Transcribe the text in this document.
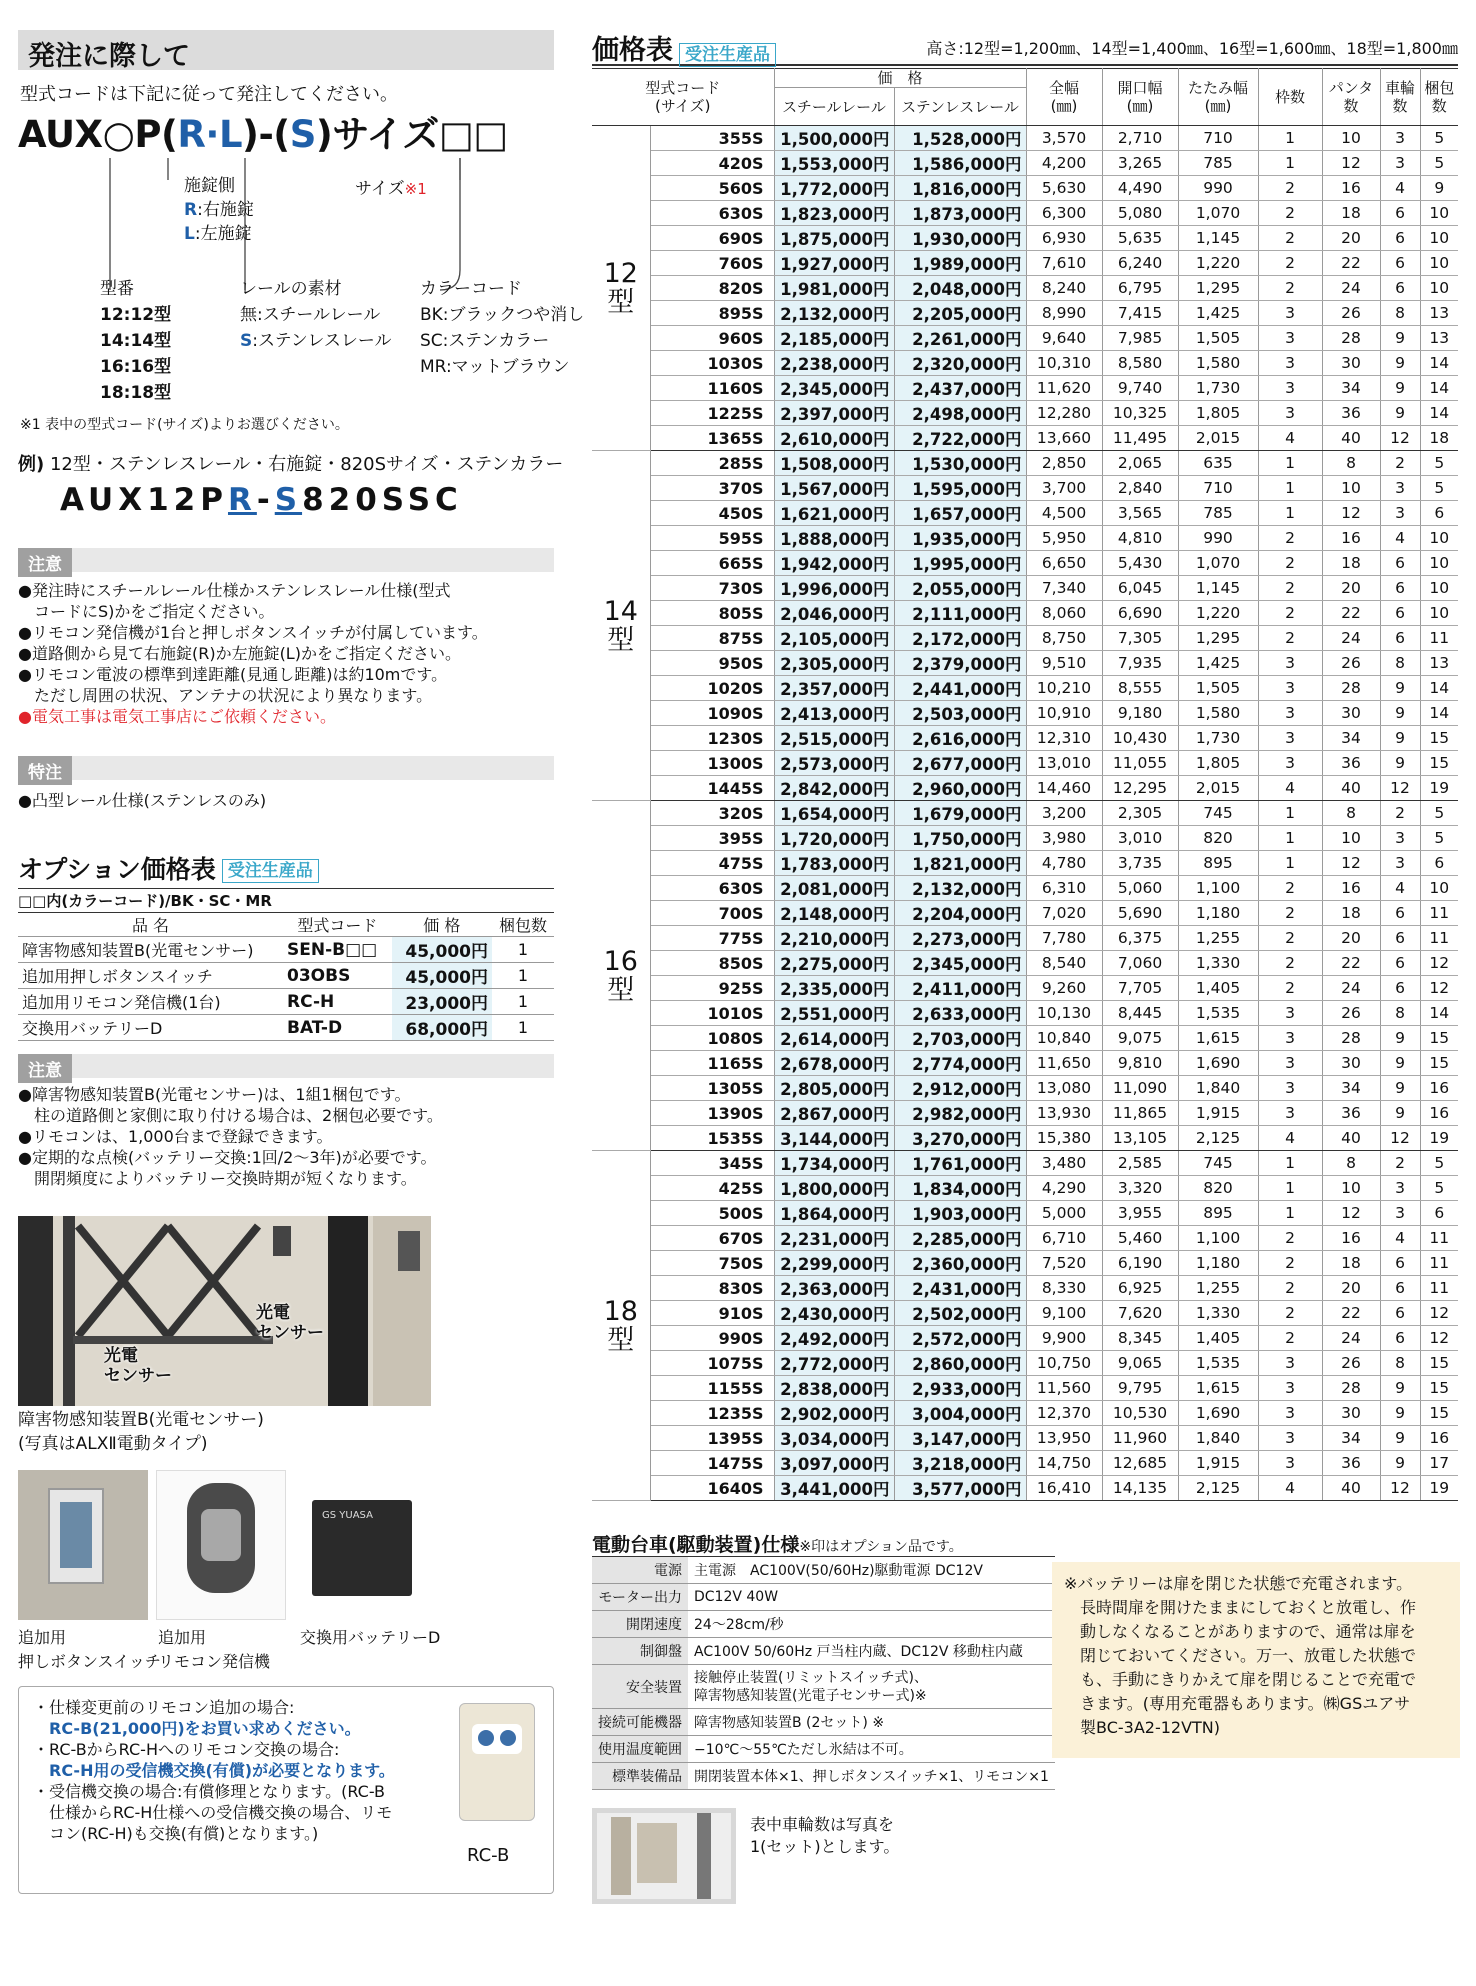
発注に際して
型式コードは下記に従って発注してください。
AUX○P(R·L)-(S)サイズ□□
施錠側
R:右施錠
L:左施錠
サイズ※1
型番
12:12型
14:14型
16:16型
18:18型
レールの素材
無:スチールレール
S:ステンレスレール
カラーコード
BK:ブラックつや消し
SC:ステンカラー
MR:マットブラウン
※1 表中の型式コード(サイズ)よりお選びください。
例) 12型・ステンレスレール・右施錠・820Sサイズ・ステンカラー
AUX12PR-S820SSC
注意
●発注時にスチールレール仕様かステンレスレール仕様(型式
　コードにS)かをご指定ください。
●リモコン発信機が1台と押しボタンスイッチが付属しています。
●道路側から見て右施錠(R)か左施錠(L)かをご指定ください。
●リモコン電波の標準到達距離(見通し距離)は約10mです。
　ただし周囲の状況、アンテナの状況により異なります。
●電気工事は電気工事店にご依頼ください。
特注
●凸型レール仕様(ステンレスのみ)
オプション価格表 受注生産品
□□内(カラーコード)/BK・SC・MR
品 名	型式コード	価 格	梱包数
障害物感知装置B(光電センサー)	SEN-B□□	45,000円	1
追加用押しボタンスイッチ	03OBS	45,000円	1
追加用リモコン発信機(1台)	RC-H	23,000円	1
交換用バッテリーD	BAT-D	68,000円	1
注意
●障害物感知装置B(光電センサー)は、1組1梱包です。
　柱の道路側と家側に取り付ける場合は、2梱包必要です。
●リモコンは、1,000台まで登録できます。
●定期的な点検(バッテリー交換:1回/2〜3年)が必要です。
　開閉頻度によりバッテリー交換時期が短くなります。
光電
センサー
光電
センサー
障害物感知装置B(光電センサー)
(写真はALXⅡ電動タイプ)
GS YUASA
追加用
押しボタンスイッチ
追加用
リモコン発信機
交換用バッテリーD
・仕様変更前のリモコン追加の場合:
　RC-B(21,000円)をお買い求めください。
・RC-BからRC-Hへのリモコン交換の場合:
　RC-H用の受信機交換(有償)が必要となります。
・受信機交換の場合:有償修理となります。(RC-B
　仕様からRC-H仕様への受信機交換の場合、リモ
　コン(RC-H)も交換(有償)となります。)
RC-B
価格表 受注生産品	高さ:12型=1,200㎜、14型=1,400㎜、16型=1,600㎜、18型=1,800㎜
型式コード
(サイズ)		価　格		全幅
(㎜)	開口幅
(㎜)	たたみ幅
(㎜)	枠数	パンタ
数	車輪
数	梱包
数
		スチールレール	ステンレスレール							
12
型	355S	1,500,000円	1,528,000円	3,570	2,710	710	1	10	3	5
	420S	1,553,000円	1,586,000円	4,200	3,265	785	1	12	3	5
	560S	1,772,000円	1,816,000円	5,630	4,490	990	2	16	4	9
	630S	1,823,000円	1,873,000円	6,300	5,080	1,070	2	18	6	10
	690S	1,875,000円	1,930,000円	6,930	5,635	1,145	2	20	6	10
	760S	1,927,000円	1,989,000円	7,610	6,240	1,220	2	22	6	10
	820S	1,981,000円	2,048,000円	8,240	6,795	1,295	2	24	6	10
	895S	2,132,000円	2,205,000円	8,990	7,415	1,425	3	26	8	13
	960S	2,185,000円	2,261,000円	9,640	7,985	1,505	3	28	9	13
	1030S	2,238,000円	2,320,000円	10,310	8,580	1,580	3	30	9	14
	1160S	2,345,000円	2,437,000円	11,620	9,740	1,730	3	34	9	14
	1225S	2,397,000円	2,498,000円	12,280	10,325	1,805	3	36	9	14
	1365S	2,610,000円	2,722,000円	13,660	11,495	2,015	4	40	12	18
14
型	285S	1,508,000円	1,530,000円	2,850	2,065	635	1	8	2	5
	370S	1,567,000円	1,595,000円	3,700	2,840	710	1	10	3	5
	450S	1,621,000円	1,657,000円	4,500	3,565	785	1	12	3	6
	595S	1,888,000円	1,935,000円	5,950	4,810	990	2	16	4	10
	665S	1,942,000円	1,995,000円	6,650	5,430	1,070	2	18	6	10
	730S	1,996,000円	2,055,000円	7,340	6,045	1,145	2	20	6	10
	805S	2,046,000円	2,111,000円	8,060	6,690	1,220	2	22	6	10
	875S	2,105,000円	2,172,000円	8,750	7,305	1,295	2	24	6	11
	950S	2,305,000円	2,379,000円	9,510	7,935	1,425	3	26	8	13
	1020S	2,357,000円	2,441,000円	10,210	8,555	1,505	3	28	9	14
	1090S	2,413,000円	2,503,000円	10,910	9,180	1,580	3	30	9	14
	1230S	2,515,000円	2,616,000円	12,310	10,430	1,730	3	34	9	15
	1300S	2,573,000円	2,677,000円	13,010	11,055	1,805	3	36	9	15
	1445S	2,842,000円	2,960,000円	14,460	12,295	2,015	4	40	12	19
16
型	320S	1,654,000円	1,679,000円	3,200	2,305	745	1	8	2	5
	395S	1,720,000円	1,750,000円	3,980	3,010	820	1	10	3	5
	475S	1,783,000円	1,821,000円	4,780	3,735	895	1	12	3	6
	630S	2,081,000円	2,132,000円	6,310	5,060	1,100	2	16	4	10
	700S	2,148,000円	2,204,000円	7,020	5,690	1,180	2	18	6	11
	775S	2,210,000円	2,273,000円	7,780	6,375	1,255	2	20	6	11
	850S	2,275,000円	2,345,000円	8,540	7,060	1,330	2	22	6	12
	925S	2,335,000円	2,411,000円	9,260	7,705	1,405	2	24	6	12
	1010S	2,551,000円	2,633,000円	10,130	8,445	1,535	3	26	8	14
	1080S	2,614,000円	2,703,000円	10,840	9,075	1,615	3	28	9	15
	1165S	2,678,000円	2,774,000円	11,650	9,810	1,690	3	30	9	15
	1305S	2,805,000円	2,912,000円	13,080	11,090	1,840	3	34	9	16
	1390S	2,867,000円	2,982,000円	13,930	11,865	1,915	3	36	9	16
	1535S	3,144,000円	3,270,000円	15,380	13,105	2,125	4	40	12	19
18
型	345S	1,734,000円	1,761,000円	3,480	2,585	745	1	8	2	5
	425S	1,800,000円	1,834,000円	4,290	3,320	820	1	10	3	5
	500S	1,864,000円	1,903,000円	5,000	3,955	895	1	12	3	6
	670S	2,231,000円	2,285,000円	6,710	5,460	1,100	2	16	4	11
	750S	2,299,000円	2,360,000円	7,520	6,190	1,180	2	18	6	11
	830S	2,363,000円	2,431,000円	8,330	6,925	1,255	2	20	6	11
	910S	2,430,000円	2,502,000円	9,100	7,620	1,330	2	22	6	12
	990S	2,492,000円	2,572,000円	9,900	8,345	1,405	2	24	6	12
	1075S	2,772,000円	2,860,000円	10,750	9,065	1,535	3	26	8	15
	1155S	2,838,000円	2,933,000円	11,560	9,795	1,615	3	28	9	15
	1235S	2,902,000円	3,004,000円	12,370	10,530	1,690	3	30	9	15
	1395S	3,034,000円	3,147,000円	13,950	11,960	1,840	3	34	9	16
	1475S	3,097,000円	3,218,000円	14,750	12,685	1,915	3	36	9	17
	1640S	3,441,000円	3,577,000円	16,410	14,135	2,125	4	40	12	19
電動台車(駆動装置)仕様※印はオプション品です。
電源	主電源　AC100V(50/60Hz)駆動電源 DC12V
モーター出力	DC12V 40W
開閉速度	24〜28cm/秒
制御盤	AC100V 50/60Hz 戸当柱内蔵、DC12V 移動柱内蔵
安全装置	接触停止装置(リミットスイッチ式)、
障害物感知装置(光電子センサー式)※
接続可能機器	障害物感知装置B (2セット) ※
使用温度範囲	−10℃〜55℃ただし氷結は不可。
標準装備品	開閉装置本体×1、押しボタンスイッチ×1、リモコン×1
※バッテリーは扉を閉じた状態で充電されます。
　長時間扉を開けたままにしておくと放電し、作
　動しなくなることがありますので、通常は扉を
　閉じておいてください。万一、放電した状態で
　も、手動にきりかえて扉を閉じることで充電で
　きます。(専用充電器もあります。㈱GSユアサ
　製BC-3A2-12VTN)
表中車輪数は写真を
1(セット)とします。
